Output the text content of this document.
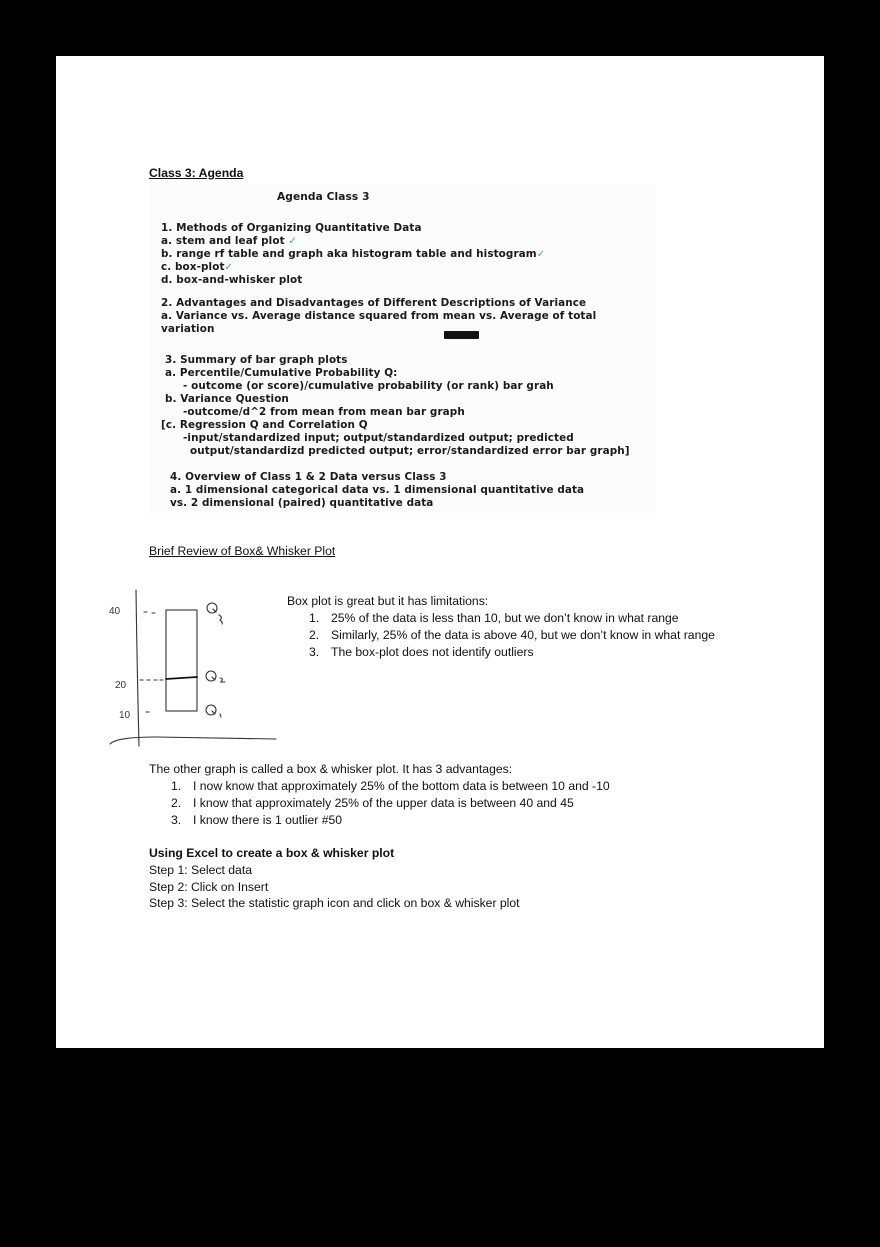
Class 3: Agenda
Agenda Class 3
1. Methods of Organizing Quantitative Data
a. stem and leaf plot ✓
b. range rf table and graph aka histogram table and histogram✓
c. box-plot✓
d. box-and-whisker plot
2. Advantages and Disadvantages of Different Descriptions of Variance
a. Variance vs. Average distance squared from mean vs. Average of total
variation
3. Summary of bar graph plots
a. Percentile/Cumulative Probability Q:
- outcome (or score)/cumulative probability (or rank) bar grah
b. Variance Question
-outcome/d^2 from mean from mean bar graph
[c. Regression Q and Correlation Q
-input/standardized input; output/standardized output; predicted
output/standardizd predicted output; error/standardized error bar graph]
4. Overview of Class 1 & 2 Data versus Class 3
a. 1 dimensional categorical data vs. 1 dimensional quantitative data
vs. 2 dimensional (paired) quantitative data
Brief Review of Box& Whisker Plot
40
20
10
Box plot is great but it has limitations:
1. 25% of the data is less than 10, but we don’t know in what range
2. Similarly, 25% of the data is above 40, but we don’t know in what range
3. The box-plot does not identify outliers
The other graph is called a box & whisker plot. It has 3 advantages:
1. I now know that approximately 25% of the bottom data is between 10 and -10
2. I know that approximately 25% of the upper data is between 40 and 45
3. I know there is 1 outlier #50
Using Excel to create a box & whisker plot
Step 1: Select data
Step 2: Click on Insert
Step 3: Select the statistic graph icon and click on box & whisker plot
